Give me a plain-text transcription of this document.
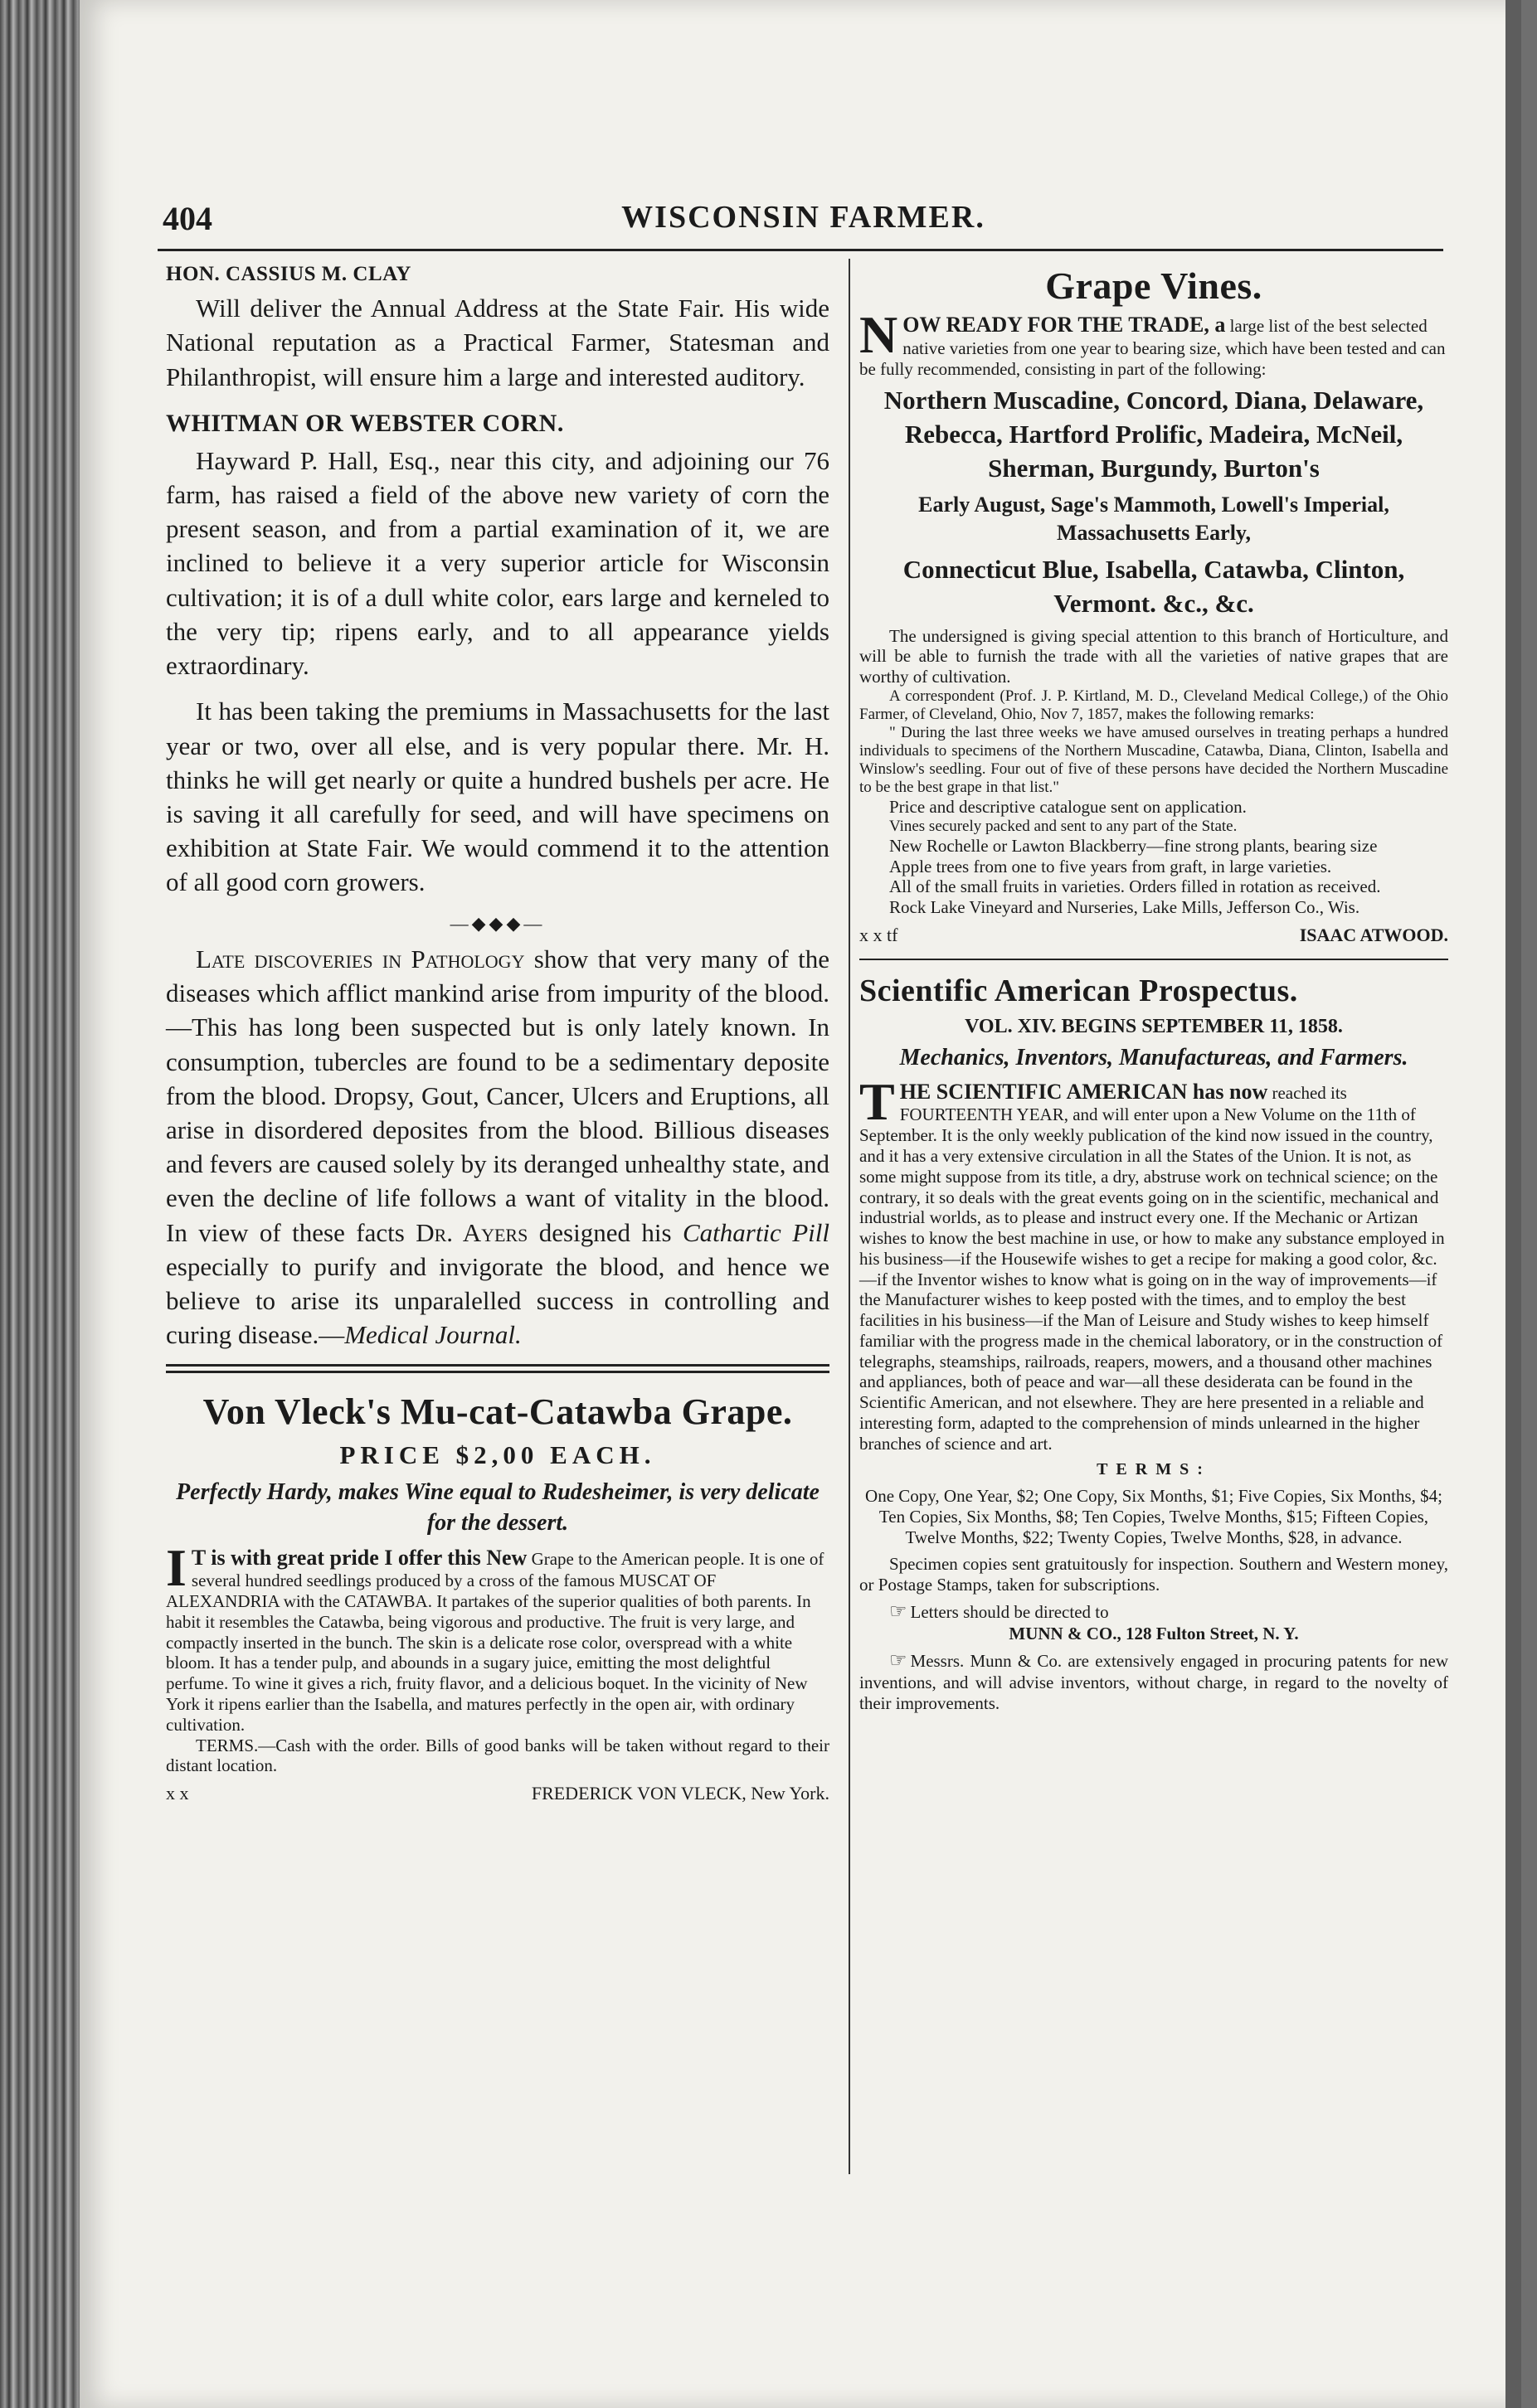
404	WISCONSIN FARMER.
HON. CASSIUS M. CLAY

Will deliver the Annual Address at the State Fair. His wide National reputation as a Practical Farmer, Statesman and Philanthropist, will ensure him a large and interested auditory.

WHITMAN OR WEBSTER CORN.

Hayward P. Hall, Esq., near this city, and adjoining our 76 farm, has raised a field of the above new variety of corn the present season, and from a partial examination of it, we are inclined to believe it a very superior article for Wisconsin cultivation; it is of a dull white color, ears large and kerneled to the very tip; ripens early, and to all appearance yields extraordinary.

It has been taking the premiums in Massachusetts for the last year or two, over all else, and is very popular there. Mr. H. thinks he will get nearly or quite a hundred bushels per acre. He is saving it all carefully for seed, and will have specimens on exhibition at State Fair. We would commend it to the attention of all good corn growers.

—◆◆◆—

Late discoveries in Pathology show that very many of the diseases which afflict mankind arise from impurity of the blood.—This has long been suspected but is only lately known. In consumption, tubercles are found to be a sedimentary deposite from the blood. Dropsy, Gout, Cancer, Ulcers and Eruptions, all arise in disordered deposites from the blood. Billious diseases and fevers are caused solely by its deranged unhealthy state, and even the decline of life follows a want of vitality in the blood. In view of these facts Dr. Ayers designed his Cathartic Pill especially to purify and invigorate the blood, and hence we believe to arise its unparalelled success in controlling and curing disease.—Medical Journal.

Von Vleck's Mu-cat-Catawba Grape.
PRICE $2,00 EACH.
Perfectly Hardy, makes Wine equal to Rudesheimer, is very delicate for the dessert.
I T is with great pride I offer this New Grape to the American people. It is one of several hundred seedlings produced by a cross of the famous MUSCAT OF ALEXANDRIA with the CATAWBA. It partakes of the superior qualities of both parents. In habit it resembles the Catawba, being vigorous and productive. The fruit is very large, and compactly inserted in the bunch. The skin is a delicate rose color, overspread with a white bloom. It has a tender pulp, and abounds in a sugary juice, emitting the most delightful perfume. To wine it gives a rich, fruity flavor, and a delicious boquet. In the vicinity of New York it ripens earlier than the Isabella, and matures perfectly in the open air, with ordinary cultivation.

TERMS.—Cash with the order. Bills of good banks will be taken without regard to their distant location.

x x	FREDERICK VON VLECK, New York.
Grape Vines.
N OW READY FOR THE TRADE, a large list of the best selected native varieties from one year to bearing size, which have been tested and can be fully recommended, consisting in part of the following:
Northern Muscadine, Concord, Diana, Delaware, Rebecca, Hartford Prolific, Madeira, McNeil, Sherman, Burgundy, Burton's
Early August, Sage's Mammoth, Lowell's Imperial, Massachusetts Early,
Connecticut Blue, Isabella, Catawba, Clinton, Vermont. &c., &c.

The undersigned is giving special attention to this branch of Horticulture, and will be able to furnish the trade with all the varieties of native grapes that are worthy of cultivation.

A correspondent (Prof. J. P. Kirtland, M. D., Cleveland Medical College,) of the Ohio Farmer, of Cleveland, Ohio, Nov 7, 1857, makes the following remarks:

" During the last three weeks we have amused ourselves in treating perhaps a hundred individuals to specimens of the Northern Muscadine, Catawba, Diana, Clinton, Isabella and Winslow's seedling. Four out of five of these persons have decided the Northern Muscadine to be the best grape in that list."

Price and descriptive catalogue sent on application.

Vines securely packed and sent to any part of the State.

New Rochelle or Lawton Blackberry—fine strong plants, bearing size

Apple trees from one to five years from graft, in large varieties.

All of the small fruits in varieties. Orders filled in rotation as received.

Rock Lake Vineyard and Nurseries, Lake Mills, Jefferson Co., Wis.

x x tf	ISAAC ATWOOD.
Scientific American Prospectus.
VOL. XIV. BEGINS SEPTEMBER 11, 1858.
Mechanics, Inventors, Manufactureas, and Farmers.
T HE SCIENTIFIC AMERICAN has now reached its FOURTEENTH YEAR, and will enter upon a New Volume on the 11th of September. It is the only weekly publication of the kind now issued in the country, and it has a very extensive circulation in all the States of the Union. It is not, as some might suppose from its title, a dry, abstruse work on technical science; on the contrary, it so deals with the great events going on in the scientific, mechanical and industrial worlds, as to please and instruct every one. If the Mechanic or Artizan wishes to know the best machine in use, or how to make any substance employed in his business—if the Housewife wishes to get a recipe for making a good color, &c.—if the Inventor wishes to know what is going on in the way of improvements—if the Manufacturer wishes to keep posted with the times, and to employ the best facilities in his business—if the Man of Leisure and Study wishes to keep himself familiar with the progress made in the chemical laboratory, or in the construction of telegraphs, steamships, railroads, reapers, mowers, and a thousand other machines and appliances, both of peace and war—all these desiderata can be found in the Scientific American, and not elsewhere. They are here presented in a reliable and interesting form, adapted to the comprehension of minds unlearned in the higher branches of science and art.
TERMS:

One Copy, One Year, $2; One Copy, Six Months, $1; Five Copies, Six Months, $4; Ten Copies, Six Months, $8; Ten Copies, Twelve Months, $15; Fifteen Copies, Twelve Months, $22; Twenty Copies, Twelve Months, $28, in advance.

Specimen copies sent gratuitously for inspection. Southern and Western money, or Postage Stamps, taken for subscriptions.

☞ Letters should be directed to

MUNN & CO., 128 Fulton Street, N. Y.

☞ Messrs. Munn & Co. are extensively engaged in procuring patents for new inventions, and will advise inventors, without charge, in regard to the novelty of their improvements.
